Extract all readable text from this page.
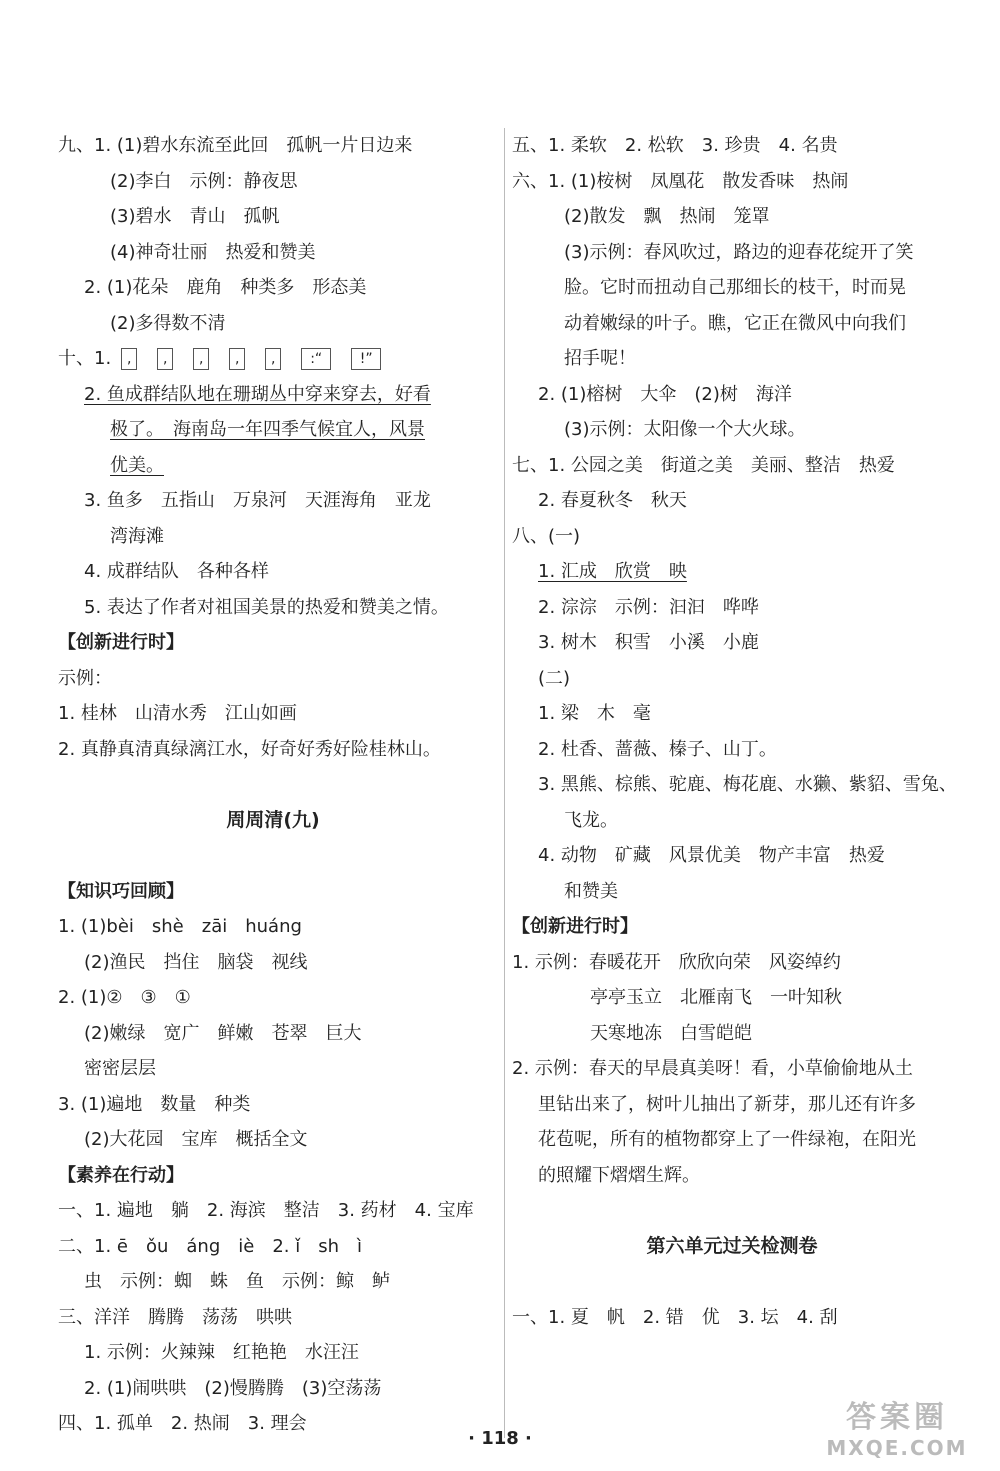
九、1. (1)碧水东流至此回　孤帆一片日边来
(2)李白　示例：静夜思
(3)碧水　青山　孤帆
(4)神奇壮丽　热爱和赞美
2. (1)花朵　鹿角　种类多　形态美
(2)多得数不清
十、1. , , , , , :“	!”
2. 鱼成群结队地在珊瑚丛中穿来穿去，好看
极了。　海南岛一年四季气候宜人，风景
优美。
3. 鱼多　五指山　万泉河　天涯海角　亚龙
湾海滩
4. 成群结队　各种各样
5. 表达了作者对祖国美景的热爱和赞美之情。
【创新进行时】
示例：
1. 桂林　山清水秀　江山如画
2. 真静真清真绿漓江水，好奇好秀好险桂林山。
周周清(九)
【知识巧回顾】
1. (1)bèi　shè　zāi　huáng
(2)渔民　挡住　脑袋　视线
2. (1)②　③　①
(2)嫩绿　宽广　鲜嫩　苍翠　巨大
密密层层
3. (1)遍地　数量　种类
(2)大花园　宝库　概括全文
【素养在行动】
一、1. 遍地　躺　2. 海滨　整洁　3. 药材　4. 宝库
二、1. ē　ǒu　áng　iè　2. ǐ　sh　ì
虫　示例：蜘　蛛　鱼　示例：鲸　鲈
三、洋洋　腾腾　荡荡　哄哄
1. 示例：火辣辣　红艳艳　水汪汪
2. (1)闹哄哄　(2)慢腾腾　(3)空荡荡
四、1. 孤单　2. 热闹　3. 理会
五、1. 柔软　2. 松软　3. 珍贵　4. 名贵
六、1. (1)桉树　凤凰花　散发香味　热闹
(2)散发　飘　热闹　笼罩
(3)示例：春风吹过，路边的迎春花绽开了笑
脸。它时而扭动自己那细长的枝干，时而晃
动着嫩绿的叶子。瞧，它正在微风中向我们
招手呢！
2. (1)榕树　大伞　(2)树　海洋
(3)示例：太阳像一个大火球。
七、1. 公园之美　街道之美　美丽、整洁　热爱
2. 春夏秋冬　秋天
八、(一)
1. 汇成　欣赏　映
2. 淙淙　示例：汩汩　哗哗
3. 树木　积雪　小溪　小鹿
(二)
1. 梁　木　毫
2. 杜香、蔷薇、榛子、山丁。
3. 黑熊、棕熊、驼鹿、梅花鹿、水獭、紫貂、雪兔、
飞龙。
4. 动物　矿藏　风景优美　物产丰富　热爱
和赞美
【创新进行时】
1. 示例：春暖花开　欣欣向荣　风姿绰约
亭亭玉立　北雁南飞　一叶知秋
天寒地冻　白雪皑皑
2. 示例：春天的早晨真美呀！看，小草偷偷地从土
里钻出来了，树叶儿抽出了新芽，那儿还有许多
花苞呢，所有的植物都穿上了一件绿袍，在阳光
的照耀下熠熠生辉。
第六单元过关检测卷
一、1. 夏　帆　2. 错　优　3. 坛　4. 刮
· 118 ·
答案圈
MXQE.COM
